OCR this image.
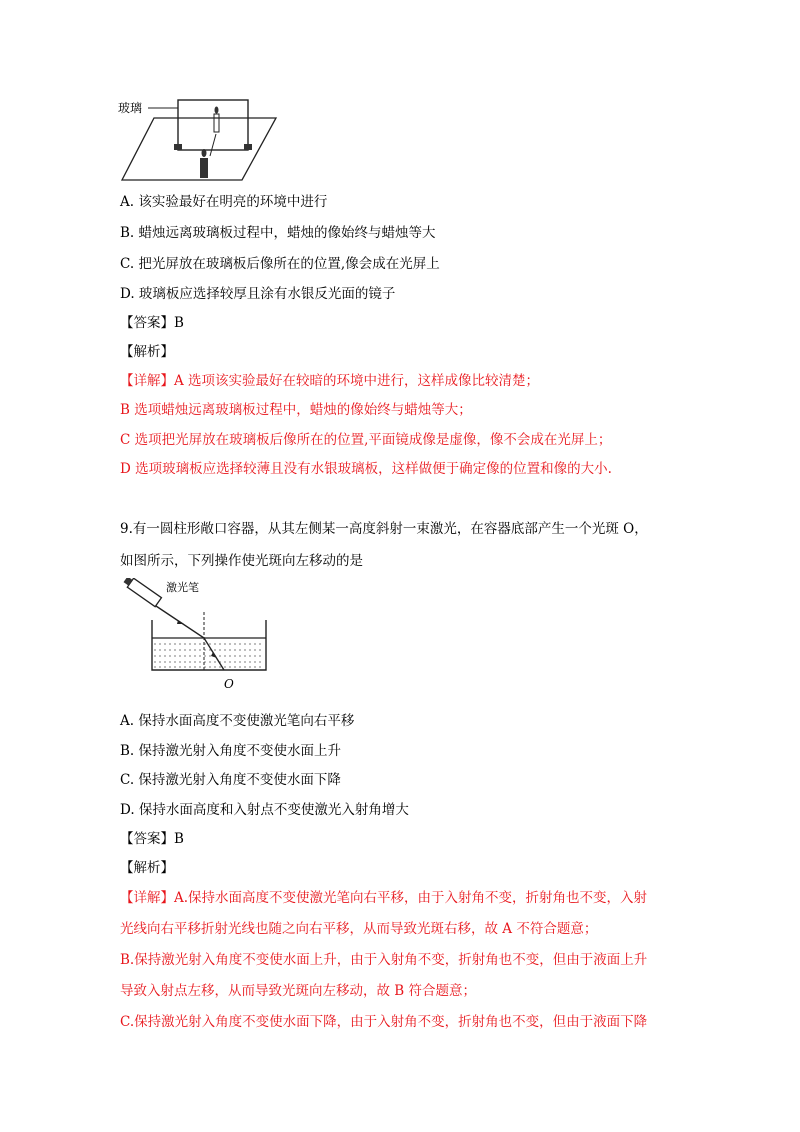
玻璃
A. 该实验最好在明亮的环境中进行
B. 蜡烛远离玻璃板过程中，蜡烛的像始终与蜡烛等大
C. 把光屏放在玻璃板后像所在的位置,像会成在光屏上
D. 玻璃板应选择较厚且涂有水银反光面的镜子
【答案】B
【解析】
【详解】A 选项该实验最好在较暗的环境中进行，这样成像比较清楚；
B 选项蜡烛远离玻璃板过程中，蜡烛的像始终与蜡烛等大；
C 选项把光屏放在玻璃板后像所在的位置,平面镜成像是虚像，像不会成在光屏上；
D 选项玻璃板应选择较薄且没有水银玻璃板，这样做便于确定像的位置和像的大小.
9.有一圆柱形敞口容器，从其左侧某一高度斜射一束激光，在容器底部产生一个光斑 O，
如图所示，下列操作使光斑向左移动的是
激光笔
O
A. 保持水面高度不变使激光笔向右平移
B. 保持激光射入角度不变使水面上升
C. 保持激光射入角度不变使水面下降
D. 保持水面高度和入射点不变使激光入射角增大
【答案】B
【解析】
【详解】A.保持水面高度不变使激光笔向右平移，由于入射角不变，折射角也不变，入射
光线向右平移折射光线也随之向右平移，从而导致光斑右移，故 A 不符合题意；
B.保持激光射入角度不变使水面上升，由于入射角不变，折射角也不变，但由于液面上升
导致入射点左移，从而导致光斑向左移动，故 B 符合题意；
C.保持激光射入角度不变使水面下降，由于入射角不变，折射角也不变，但由于液面下降
